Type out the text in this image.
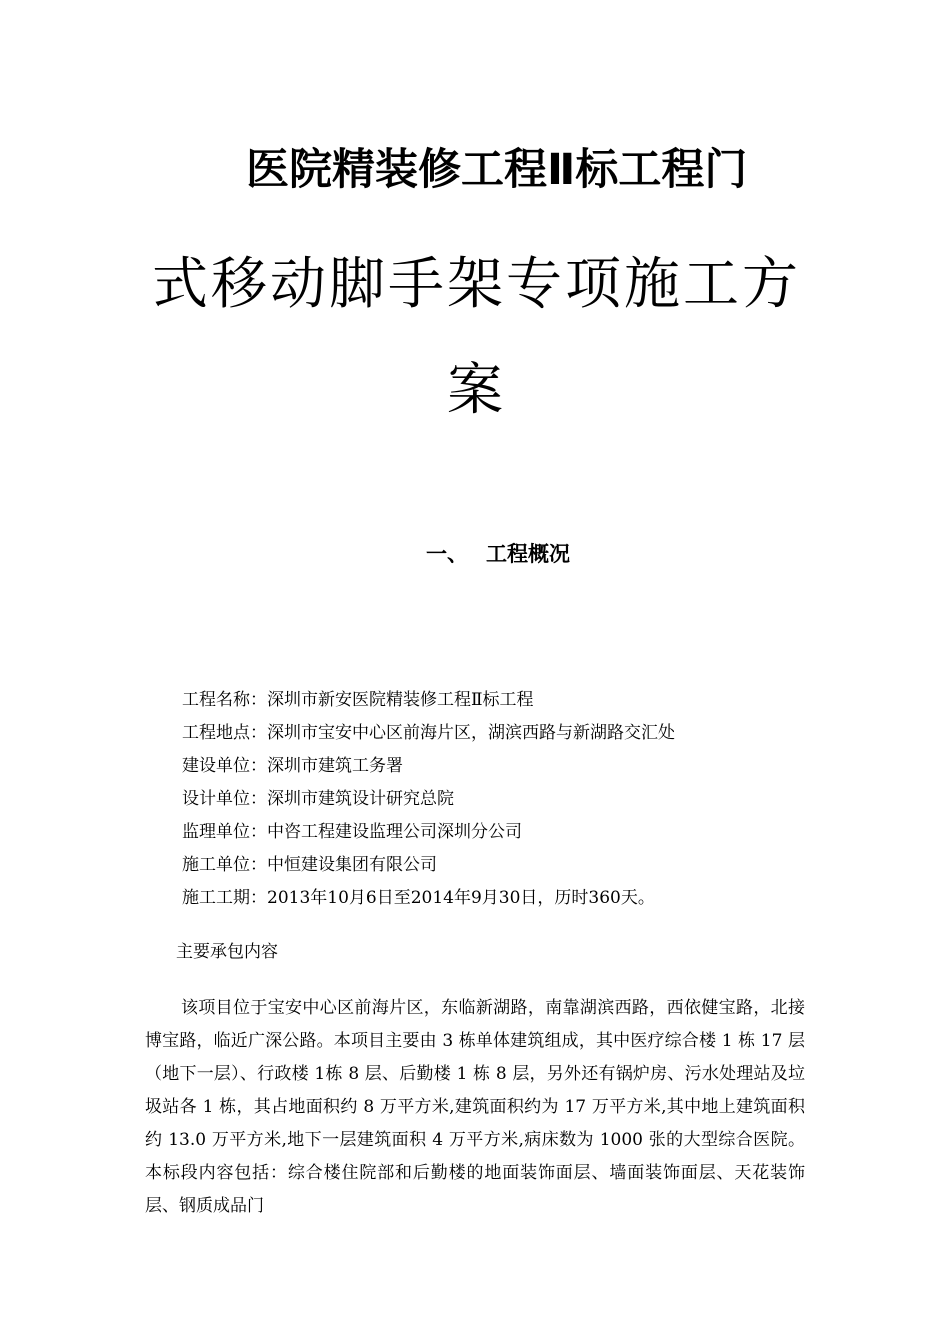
医院精装修工程Ⅱ标工程门
式移动脚手架专项施工方
案
一、 工程概况
工程名称：深圳市新安医院精装修工程Ⅱ标工程
工程地点：深圳市宝安中心区前海片区，湖滨西路与新湖路交汇处
建设单位：深圳市建筑工务署
设计单位：深圳市建筑设计研究总院
监理单位：中咨工程建设监理公司深圳分公司
施工单位：中恒建设集团有限公司
施工工期：2013年10月6日至2014年9月30日，历时360天。
主要承包内容

该项目位于宝安中心区前海片区，东临新湖路，南靠湖滨西路，西依健宝路，北接博宝路，临近广深公路。本项目主要由 3 栋单体建筑组成，其中医疗综合楼 1 栋 17 层（地下一层）、行政楼 1栋 8 层、后勤楼 1 栋 8 层，另外还有锅炉房、污水处理站及垃圾站各 1 栋，其占地面积约 8 万平方米,建筑面积约为 17 万平方米,其中地上建筑面积约 13.0 万平方米,地下一层建筑面积 4 万平方米,病床数为 1000 张的大型综合医院。本标段内容包括：综合楼住院部和后勤楼的地面装饰面层、墙面装饰面层、天花装饰层、钢质成品门
